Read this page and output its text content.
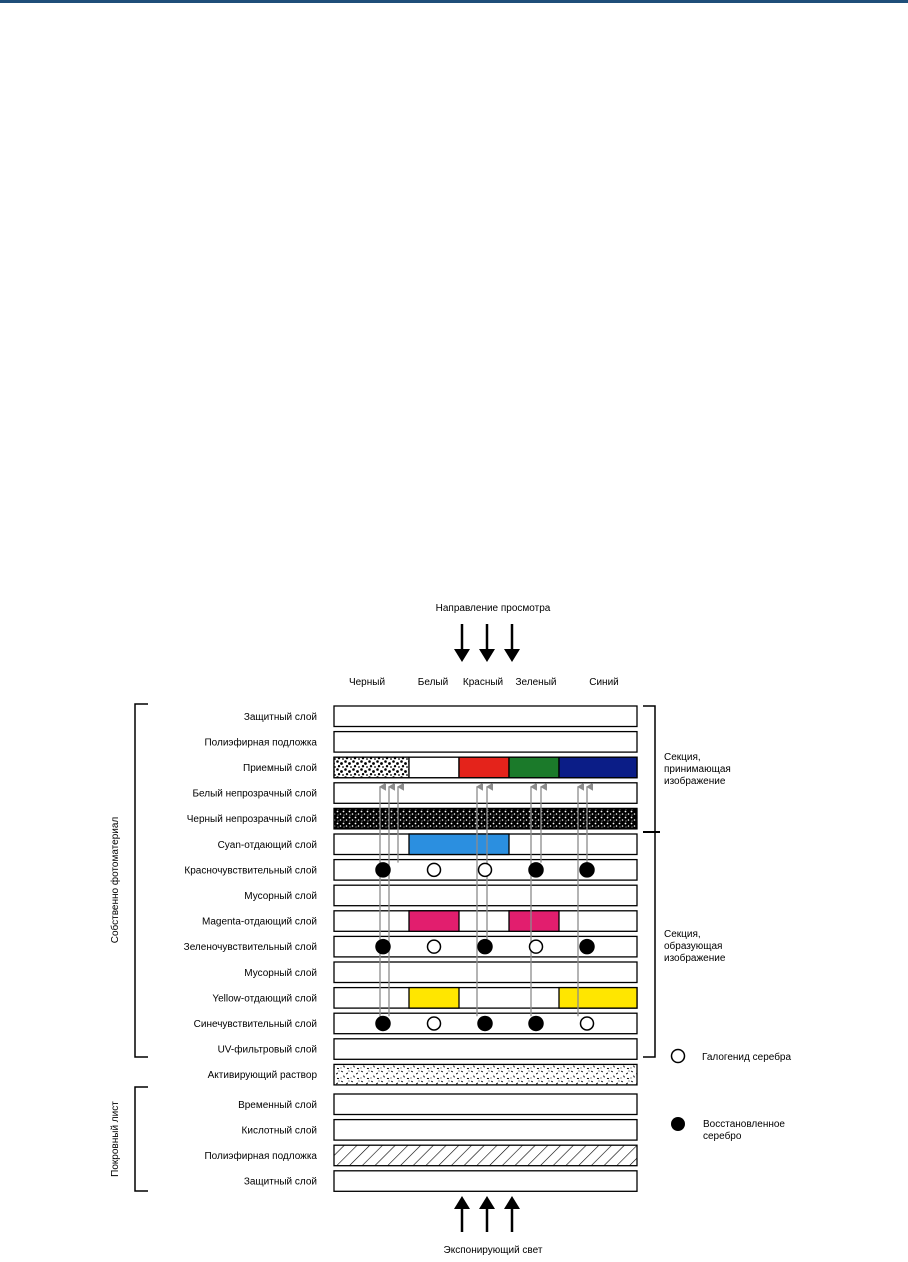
Направление просмотра
Черный	Белый Красный Зеленый	Синий
Защитный слой
Полиэфирная подложка
Приемный слой
Белый непрозрачный слой
Черный непрозрачный слой
Cyan-отдающий слой
Красночувствительный слой
Мусорный слой
Magenta-отдающий слой
Зеленочувствительный слой
Мусорный слой
Yellow-отдающий слой
Синечувствительный слой
UV-фильтровый слой
Активирующий раствор
Временный слой
Кислотный слой
Полиэфирная подложка
Защитный слой
Собственно фотоматериал
Покровный лист
Секция, принимающая изображение
Секция, образующая изображение
Галогенид серебра
Восстановленное серебро
Экспонирующий свет
